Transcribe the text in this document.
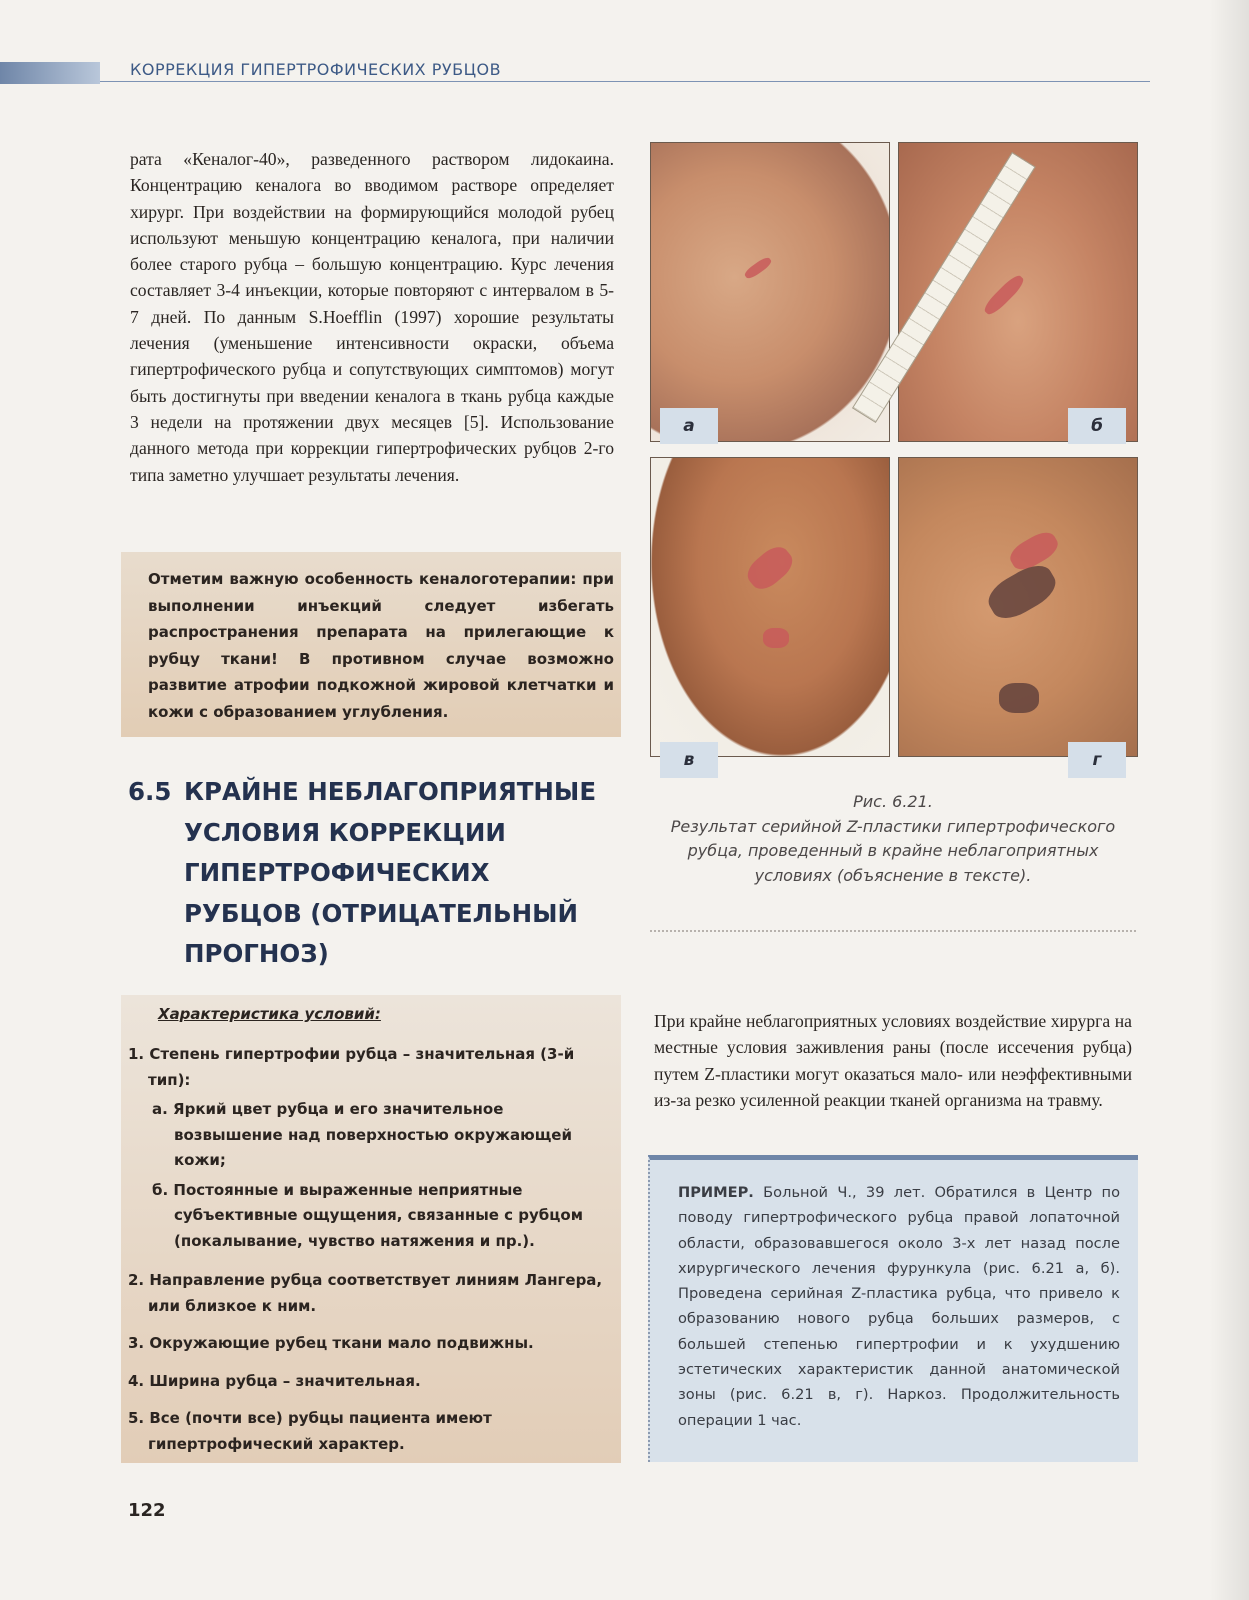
КОРРЕКЦИЯ ГИПЕРТРОФИЧЕСКИХ РУБЦОВ
рата «Кеналог-40», разведенного раствором лидокаина. Концентрацию кеналога во вводимом растворе определяет хирург. При воздействии на формирующийся молодой рубец используют меньшую концентрацию кеналога, при наличии более старого рубца – большую концентрацию. Курс лечения составляет 3-4 инъекции, которые повторяют с интервалом в 5-7 дней. По данным S.Hoefflin (1997) хорошие результаты лечения (уменьшение интенсивности окраски, объема гипертрофического рубца и сопутствующих симптомов) могут быть достигнуты при введении кеналога в ткань рубца каждые 3 недели на протяжении двух месяцев [5]. Использование данного метода при коррекции гипертрофических рубцов 2-го типа заметно улучшает результаты лечения.
Отметим важную особенность кеналоготерапии: при выполнении инъекций следует избегать распространения препарата на прилегающие к рубцу ткани! В противном случае возможно развитие атрофии подкожной жировой клетчатки и кожи с образованием углубления.
6.5 КРАЙНЕ НЕБЛАГОПРИЯТНЫЕ
УСЛОВИЯ КОРРЕКЦИИ
ГИПЕРТРОФИЧЕСКИХ
РУБЦОВ (ОТРИЦАТЕЛЬНЫЙ
ПРОГНОЗ)
Характеристика условий:
1. Степень гипертрофии рубца – значительная (3-й тип):
а. Яркий цвет рубца и его значительное возвышение над поверхностью окружающей кожи;
б. Постоянные и выраженные неприятные субъективные ощущения, связанные с рубцом (покалывание, чувство натяжения и пр.).
2. Направление рубца соответствует линиям Лангера, или близкое к ним.
3. Окружающие рубец ткани мало подвижны.
4. Ширина рубца – значительная.
5. Все (почти все) рубцы пациента имеют гипертрофический характер.
а	б
в	г
Рис. 6.21.
Результат серийной Z-пластики гипертрофического рубца, проведенный в крайне неблагоприятных условиях (объяснение в тексте).
При крайне неблагоприятных условиях воздействие хирурга на местные условия заживления раны (после иссечения рубца) путем Z-пластики могут оказаться мало- или неэффективными из-за резко усиленной реакции тканей организма на травму.
ПРИМЕР. Больной Ч., 39 лет. Обратился в Центр по поводу гипертрофического рубца правой лопаточной области, образовавшегося около 3-х лет назад после хирургического лечения фурункула (рис. 6.21 а, б). Проведена серийная Z-пластика рубца, что привело к образованию нового рубца больших размеров, с большей степенью гипертрофии и к ухудшению эстетических характеристик данной анатомической зоны (рис. 6.21 в, г). Наркоз. Продолжительность операции 1 час.
122
